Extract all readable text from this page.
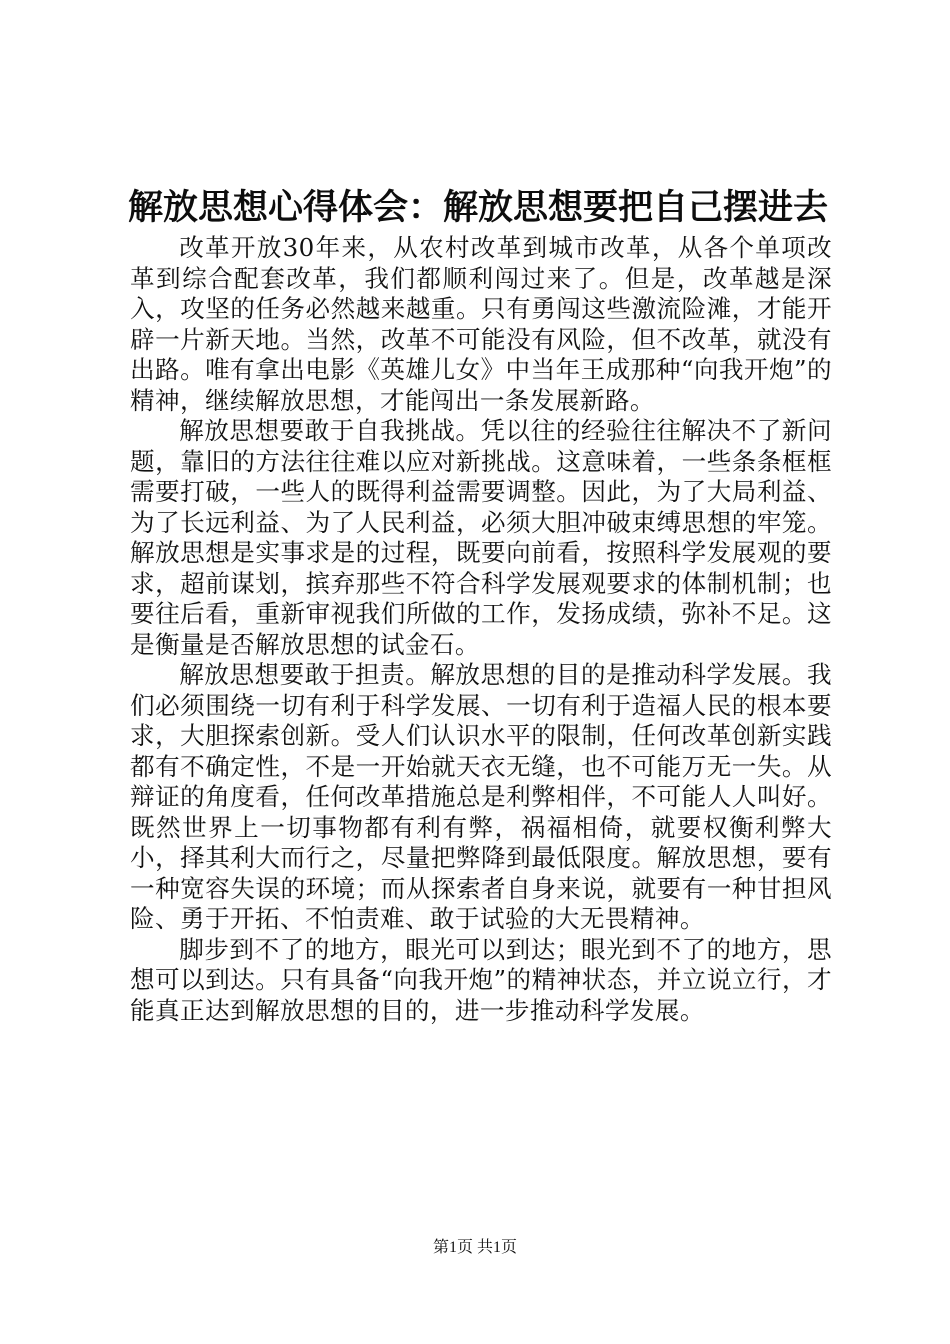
解放思想心得体会：解放思想要把自己摆进去

改革开放30年来，从农村改革到城市改革，从各个单项改革到综合配套改革，我们都顺利闯过来了。但是，改革越是深入，攻坚的任务必然越来越重。只有勇闯这些激流险滩，才能开辟一片新天地。当然，改革不可能没有风险，但不改革，就没有出路。唯有拿出电影《英雄儿女》中当年王成那种“向我开炮”的精神，继续解放思想，才能闯出一条发展新路。

解放思想要敢于自我挑战。凭以往的经验往往解决不了新问题，靠旧的方法往往难以应对新挑战。这意味着，一些条条框框需要打破，一些人的既得利益需要调整。因此，为了大局利益、为了长远利益、为了人民利益，必须大胆冲破束缚思想的牢笼。解放思想是实事求是的过程，既要向前看，按照科学发展观的要求，超前谋划，摈弃那些不符合科学发展观要求的体制机制；也要往后看，重新审视我们所做的工作，发扬成绩，弥补不足。这是衡量是否解放思想的试金石。

解放思想要敢于担责。解放思想的目的是推动科学发展。我们必须围绕一切有利于科学发展、一切有利于造福人民的根本要求，大胆探索创新。受人们认识水平的限制，任何改革创新实践都有不确定性，不是一开始就天衣无缝，也不可能万无一失。从辩证的角度看，任何改革措施总是利弊相伴，不可能人人叫好。既然世界上一切事物都有利有弊，祸福相倚，就要权衡利弊大小，择其利大而行之，尽量把弊降到最低限度。解放思想，要有一种宽容失误的环境；而从探索者自身来说，就要有一种甘担风险、勇于开拓、不怕责难、敢于试验的大无畏精神。

脚步到不了的地方，眼光可以到达；眼光到不了的地方，思想可以到达。只有具备“向我开炮”的精神状态，并立说立行，才能真正达到解放思想的目的，进一步推动科学发展。

第1页 共1页
